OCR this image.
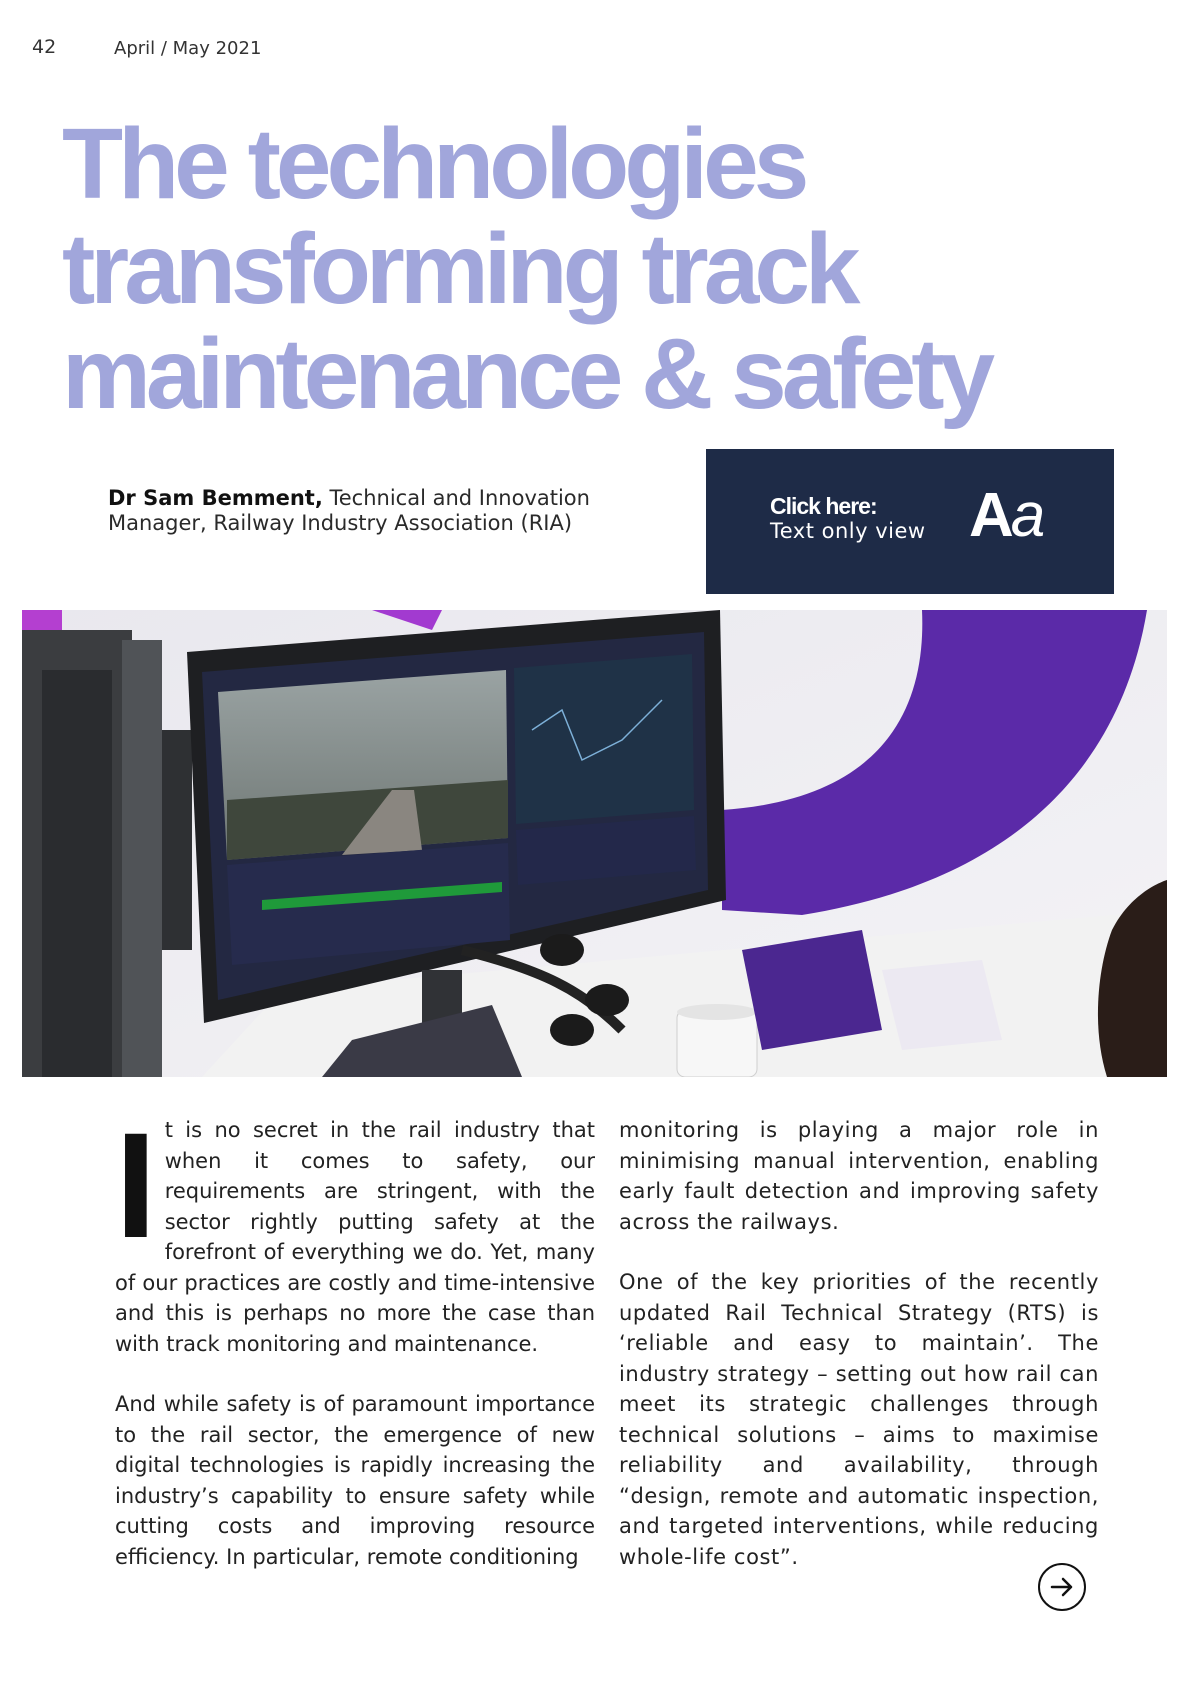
42	April / May 2021
The technologies
transforming track
maintenance & safety
Dr Sam Bemment, Technical and Innovation Manager, Railway Industry Association (RIA)
Click here:
Text only view Aa

It is no secret in the rail industry that when it comes to safety, our requirements are stringent, with the sector rightly putting safety at the forefront of everything we do. Yet, many of our practices are costly and time-intensive and this is perhaps no more the case than with track monitoring and maintenance.

And while safety is of paramount importance to the rail sector, the emergence of new digital technologies is rapidly increasing the industry’s capability to ensure safety while cutting costs and improving resource efficiency. In particular, remote conditioning

monitoring is playing a major role in minimising manual intervention, enabling early fault detection and improving safety across the railways.

One of the key priorities of the recently updated Rail Technical Strategy (RTS) is ‘reliable and easy to maintain’. The industry strategy – setting out how rail can meet its strategic challenges through technical solutions – aims to maximise reliability and availability, through “design, remote and automatic inspection, and targeted interventions, while reducing whole-life cost”.
